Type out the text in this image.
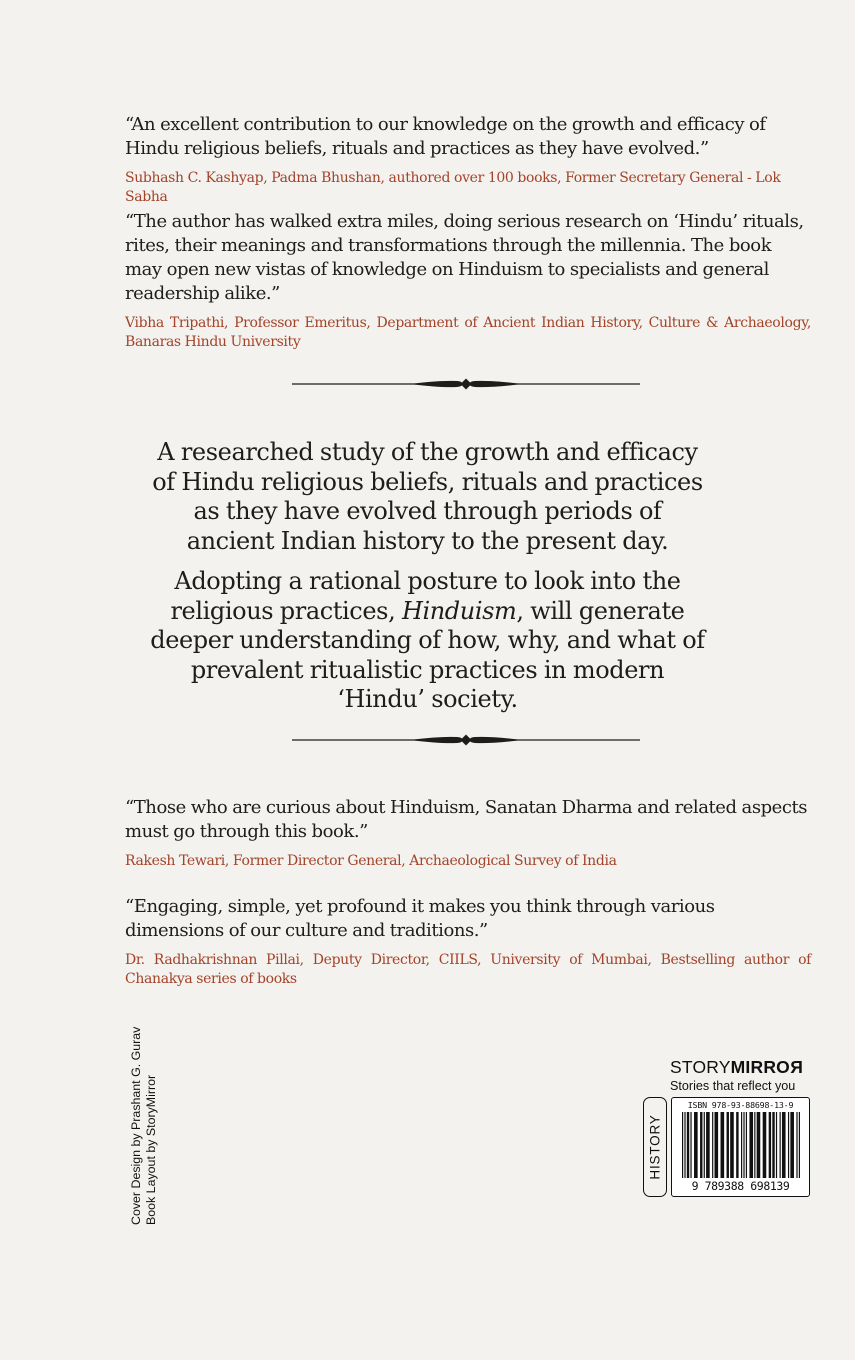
“An excellent contribution to our knowledge on the growth and efficacy of Hindu religious beliefs, rituals and practices as they have evolved.”

Subhash C. Kashyap, Padma Bhushan, authored over 100 books, Former Secretary General - Lok Sabha

“The author has walked extra miles, doing serious research on ‘Hindu’ rituals, rites, their meanings and transformations through the millennia. The book may open new vistas of knowledge on Hinduism to specialists and general readership alike.”

Vibha Tripathi, Professor Emeritus, Department of Ancient Indian History, Culture & Archaeology, Banaras Hindu University

A researched study of the growth and efficacy of Hindu religious beliefs, rituals and practices as they have evolved through periods of ancient Indian history to the present day.

Adopting a rational posture to look into the religious practices, Hinduism, will generate deeper understanding of how, why, and what of prevalent ritualistic practices in modern ‘Hindu’ society.

“Those who are curious about Hinduism, Sanatan Dharma and related aspects must go through this book.”

Rakesh Tewari, Former Director General, Archaeological Survey of India

“Engaging, simple, yet profound it makes you think through various dimensions of our culture and traditions.”

Dr. Radhakrishnan Pillai, Deputy Director, CIILS, University of Mumbai, Bestselling author of Chanakya series of books

Cover Design by Prashant G. Gurav Book Layout by StoryMirror
STORYMIRROR
Stories that reflect you
HISTORY
ISBN 978-93-88698-13-9
9 789388 698139
